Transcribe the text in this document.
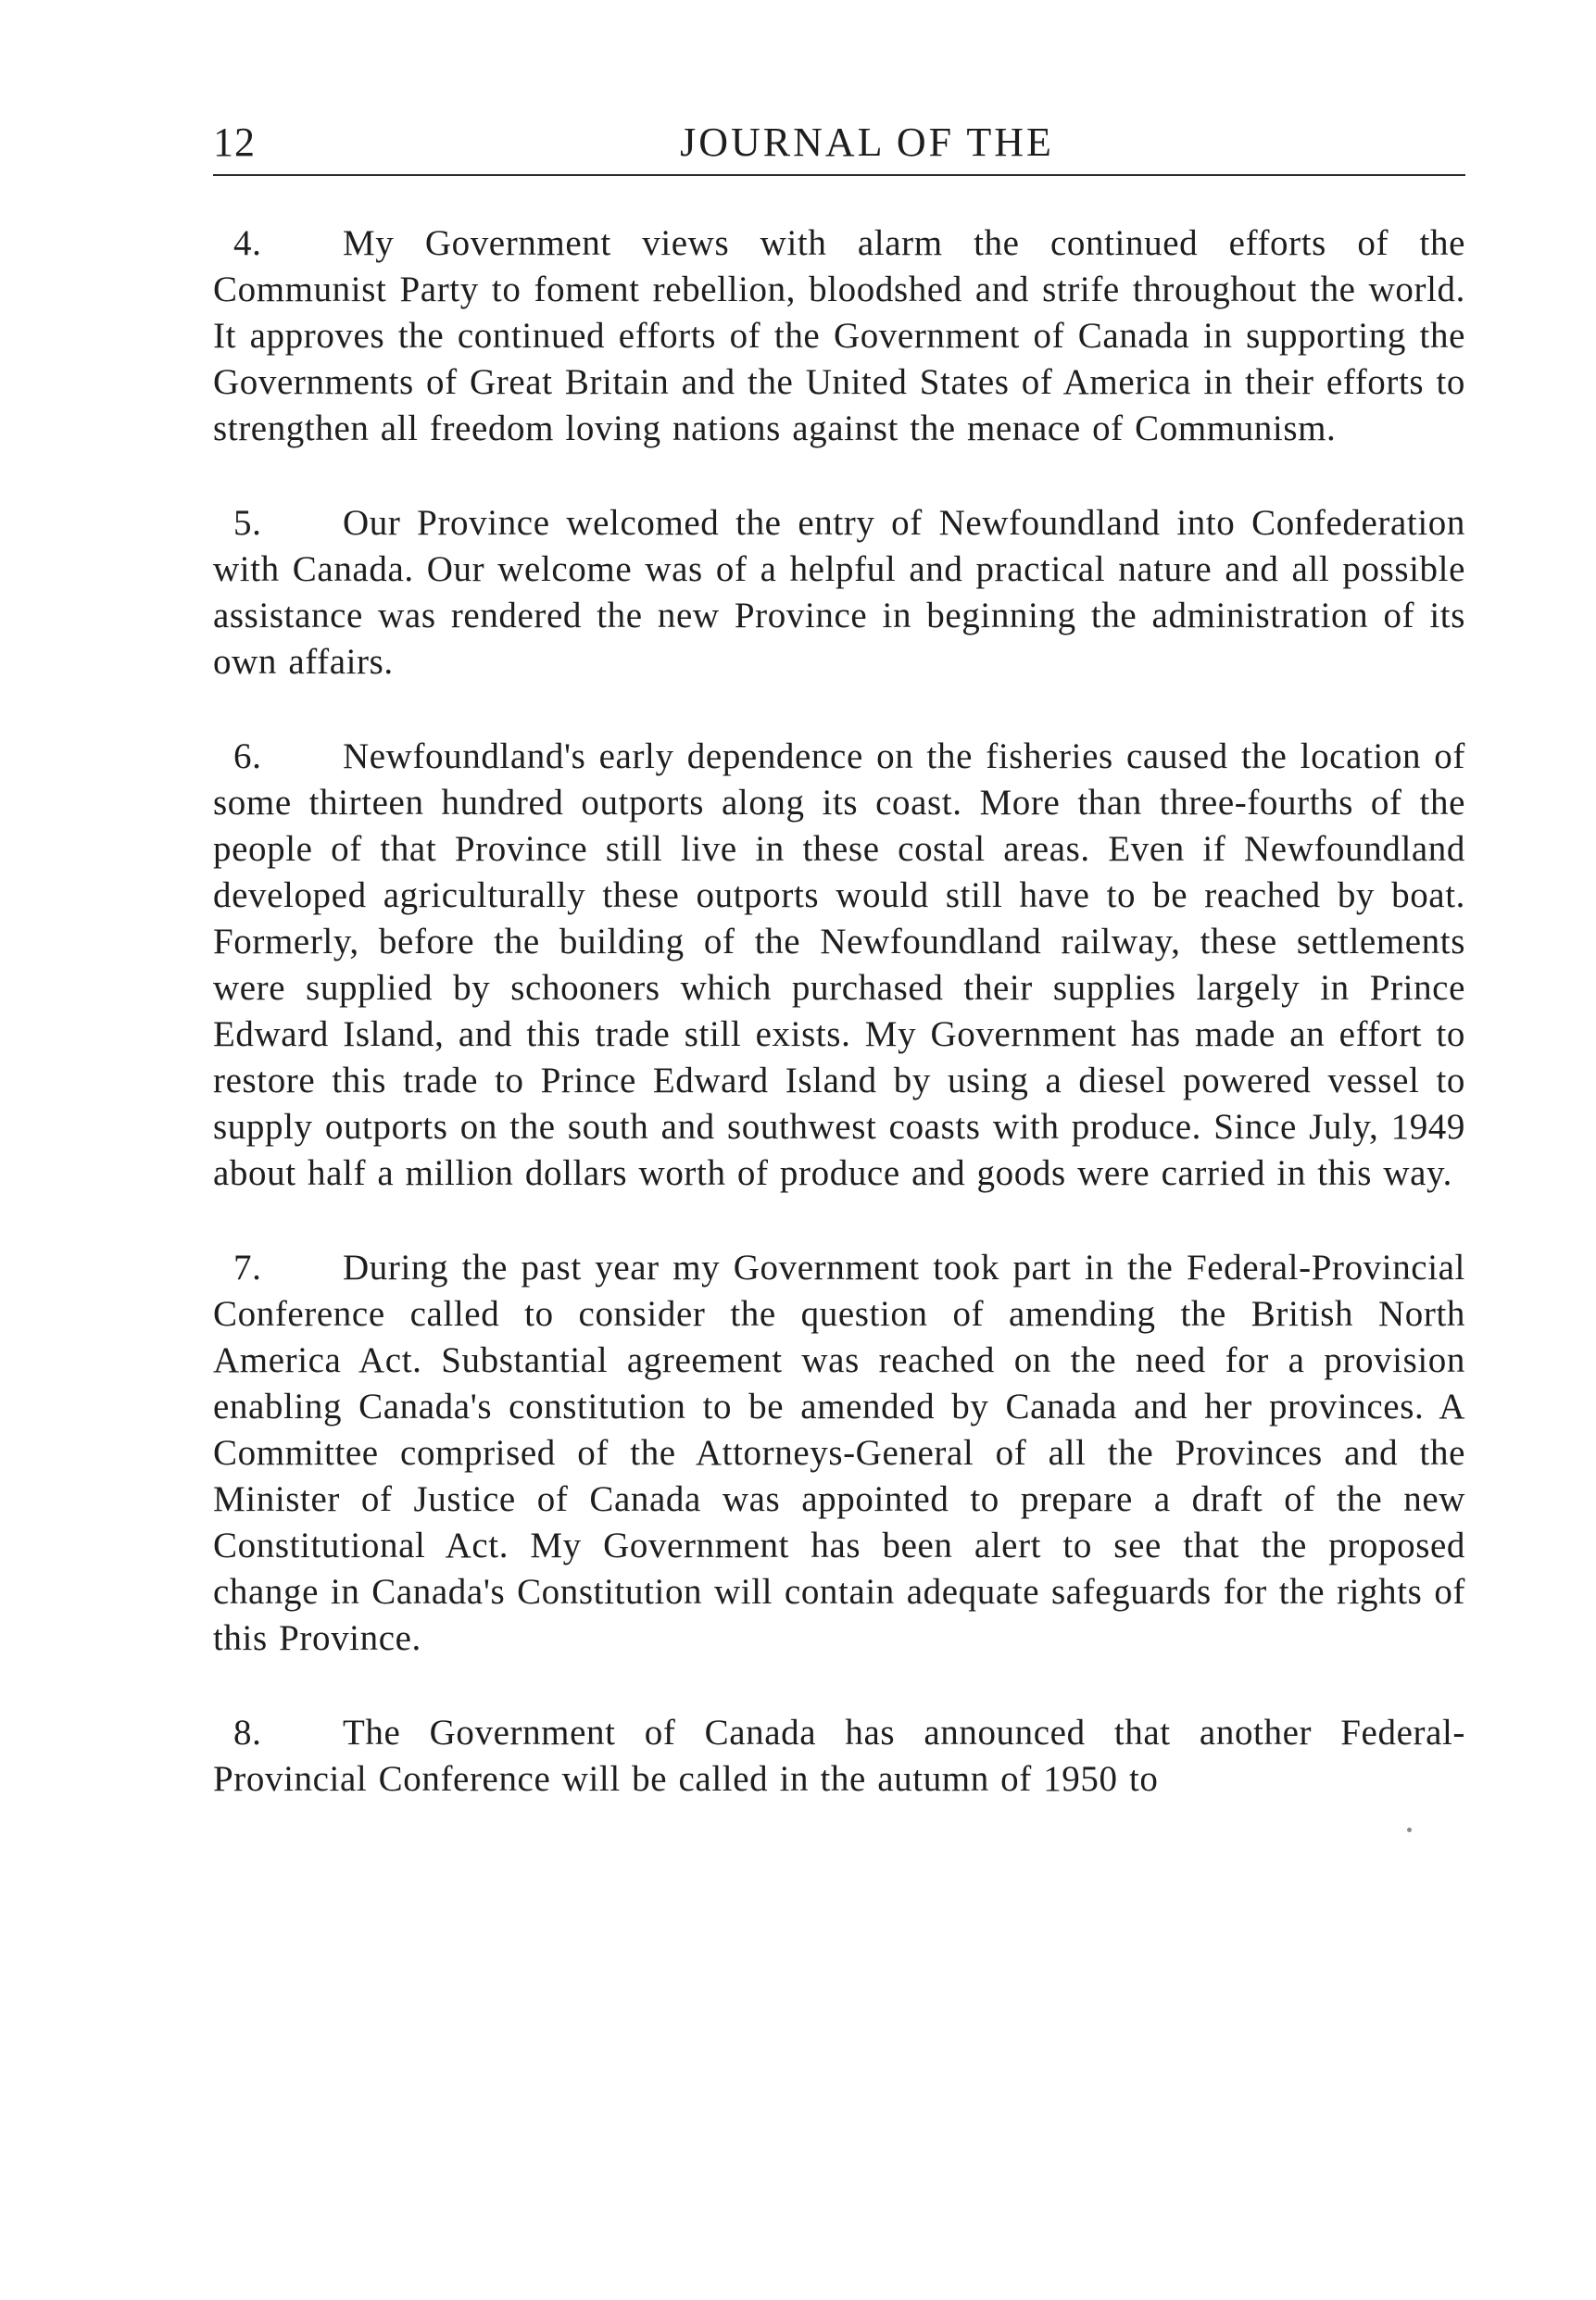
12	JOURNAL OF THE

4. My Government views with alarm the continued efforts of the Communist Party to foment rebellion, bloodshed and strife throughout the world. It approves the continued efforts of the Government of Canada in supporting the Governments of Great Britain and the United States of America in their efforts to strengthen all freedom loving nations against the menace of Communism.

5. Our Province welcomed the entry of Newfoundland into Confederation with Canada. Our welcome was of a helpful and practical nature and all possible assistance was rendered the new Province in beginning the administration of its own affairs.

6. Newfoundland's early dependence on the fisheries caused the location of some thirteen hundred outports along its coast. More than three-fourths of the people of that Province still live in these costal areas. Even if Newfoundland developed agriculturally these outports would still have to be reached by boat. Formerly, before the building of the Newfoundland railway, these settlements were supplied by schooners which purchased their supplies largely in Prince Edward Island, and this trade still exists. My Government has made an effort to restore this trade to Prince Edward Island by using a diesel powered vessel to supply outports on the south and southwest coasts with produce. Since July, 1949 about half a million dollars worth of produce and goods were carried in this way.

7. During the past year my Government took part in the Federal-Provincial Conference called to consider the question of amending the British North America Act. Substantial agreement was reached on the need for a provision enabling Canada's constitution to be amended by Canada and her provinces. A Committee comprised of the Attorneys-General of all the Provinces and the Minister of Justice of Canada was appointed to prepare a draft of the new Constitutional Act. My Government has been alert to see that the proposed change in Canada's Constitution will contain adequate safeguards for the rights of this Province.

8. The Government of Canada has announced that another Federal-Provincial Conference will be called in the autumn of 1950 to
